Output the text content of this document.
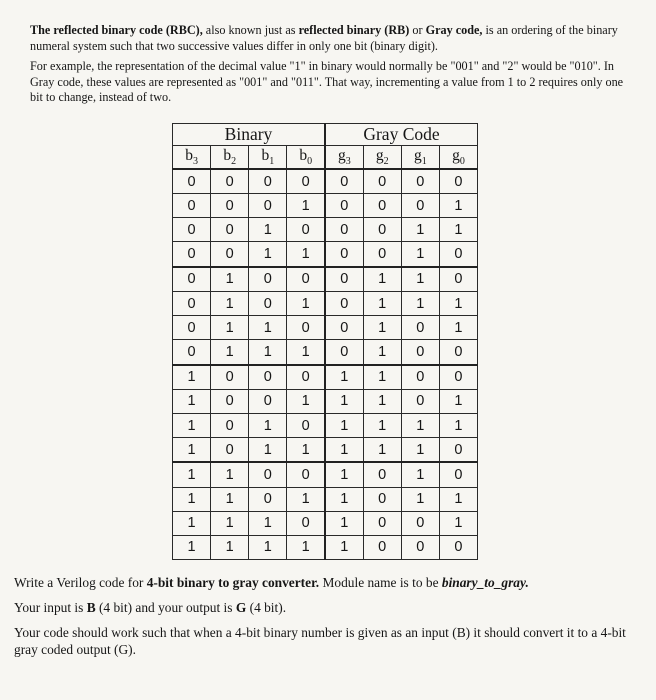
The reflected binary code (RBC), also known just as reflected binary (RB) or Gray code, is an ordering of the binary numeral system such that two successive values differ in only one bit (binary digit).

For example, the representation of the decimal value "1" in binary would normally be "001" and "2" would be "010". In Gray code, these values are represented as "001" and "011". That way, incrementing a value from 1 to 2 requires only one bit to change, instead of two.

Binary				Gray Code			
$b_3$	$b_2$	$b_1$	$b_0$	$g_3$	$g_2$	$g_1$	$g_0$
0	0	0	0	0	0	0	0
0	0	0	1	0	0	0	1
0	0	1	0	0	0	1	1
0	0	1	1	0	0	1	0
0	1	0	0	0	1	1	0
0	1	0	1	0	1	1	1
0	1	1	0	0	1	0	1
0	1	1	1	0	1	0	0
1	0	0	0	1	1	0	0
1	0	0	1	1	1	0	1
1	0	1	0	1	1	1	1
1	0	1	1	1	1	1	0
1	1	0	0	1	0	1	0
1	1	0	1	1	0	1	1
1	1	1	0	1	0	0	1
1	1	1	1	1	0	0	0

Write a Verilog code for 4-bit binary to gray converter. Module name is to be binary_to_gray.

Your input is B (4 bit) and your output is G (4 bit).

Your code should work such that when a 4-bit binary number is given as an input (B) it should convert it to a 4-bit gray coded output (G).
